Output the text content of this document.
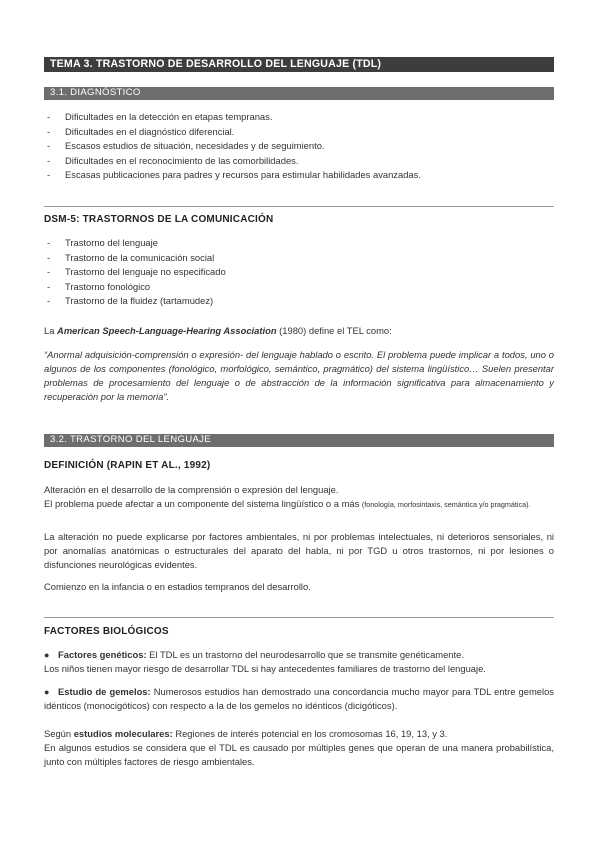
TEMA 3. TRASTORNO DE DESARROLLO DEL LENGUAJE (TDL)
3.1. DIAGNÓSTICO
- Dificultades en la detección en etapas tempranas.
- Dificultades en el diagnóstico diferencial.
- Escasos estudios de situación, necesidades y de seguimiento.
- Dificultades en el reconocimiento de las comorbilidades.
- Escasas publicaciones para padres y recursos para estimular habilidades avanzadas.
DSM-5: TRASTORNOS DE LA COMUNICACIÓN
- Trastorno del lenguaje
- Trastorno de la comunicación social
- Trastorno del lenguaje no especificado
- Trastorno fonológico
- Trastorno de la fluidez (tartamudez)

La American Speech-Language-Hearing Association (1980) define el TEL como:

“Anormal adquisición-comprensión o expresión- del lenguaje hablado o escrito. El problema puede implicar a todos, uno o algunos de los componentes (fonológico, morfológico, semántico, pragmático) del sistema lingüístico… Suelen presentar problemas de procesamiento del lenguaje o de abstracción de la información significativa para almacenamiento y recuperación por la memoria”.

3.2. TRASTORNO DEL LENGUAJE
DEFINICIÓN (RAPIN ET AL., 1992)

Alteración en el desarrollo de la comprensión o expresión del lenguaje.

El problema puede afectar a un componente del sistema lingüístico o a más (fonología, morfosintaxis, semántica y/o pragmática).

La alteración no puede explicarse por factores ambientales, ni por problemas intelectuales, ni deterioros sensoriales, ni por anomalías anatómicas o estructurales del aparato del habla, ni por TGD u otros trastornos, ni por lesiones o disfunciones neurológicas evidentes.

Comienzo en la infancia o en estadios tempranos del desarrollo.

FACTORES BIOLÓGICOS

● Factores genéticos: El TDL es un trastorno del neurodesarrollo que se transmite genéticamente.

Los niños tienen mayor riesgo de desarrollar TDL si hay antecedentes familiares de trastorno del lenguaje.

● Estudio de gemelos: Numerosos estudios han demostrado una concordancia mucho mayor para TDL entre gemelos idénticos (monocigóticos) con respecto a la de los gemelos no idénticos (dicigóticos).

Según estudios moleculares: Regiones de interés potencial en los cromosomas 16, 19, 13, y 3.

En algunos estudios se considera que el TDL es causado por múltiples genes que operan de una manera probabilística, junto con múltiples factores de riesgo ambientales.
